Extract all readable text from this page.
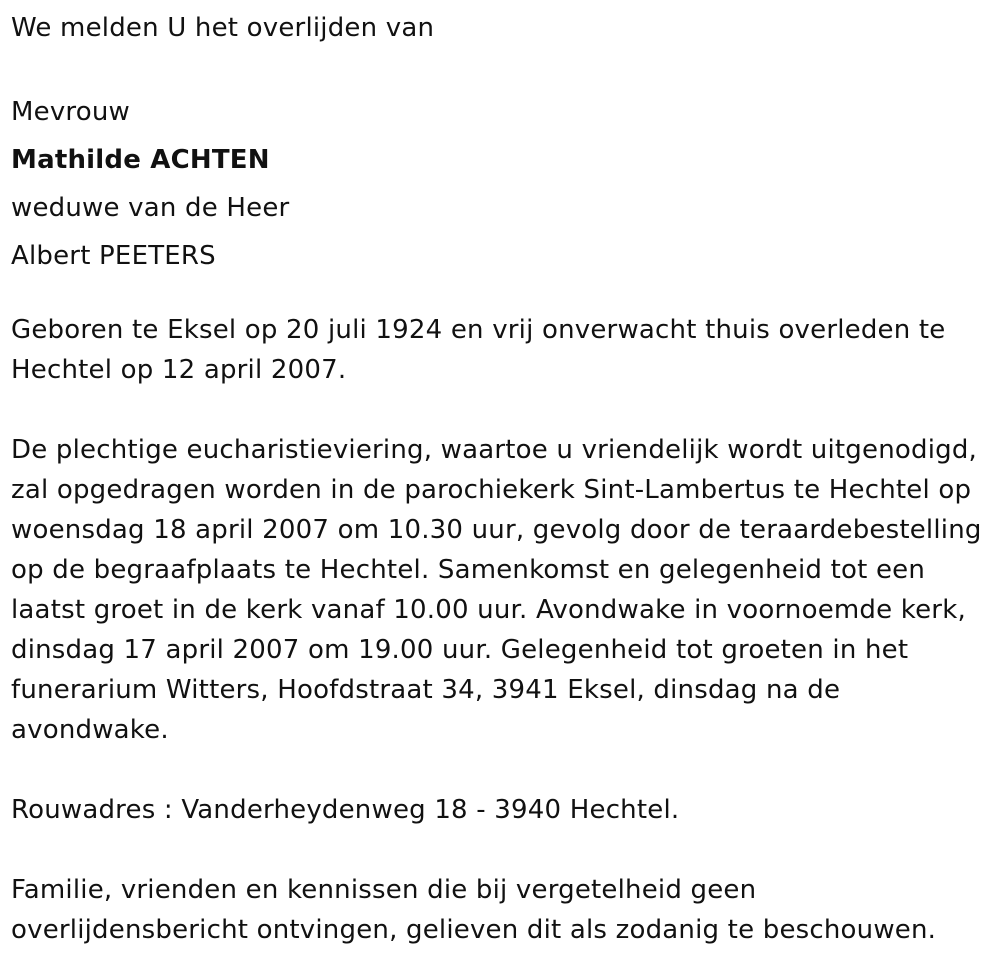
We melden U het overlijden van

Mevrouw

Mathilde ACHTEN

weduwe van de Heer

Albert PEETERS

Geboren te Eksel op 20 juli 1924 en vrij onverwacht thuis overleden te

Hechtel op 12 april 2007.

De plechtige eucharistieviering, waartoe u vriendelijk wordt uitgenodigd,

zal opgedragen worden in de parochiekerk Sint-Lambertus te Hechtel op

woensdag 18 april 2007 om 10.30 uur, gevolg door de teraardebestelling

op de begraafplaats te Hechtel. Samenkomst en gelegenheid tot een

laatst groet in de kerk vanaf 10.00 uur. Avondwake in voornoemde kerk,

dinsdag 17 april 2007 om 19.00 uur. Gelegenheid tot groeten in het

funerarium Witters, Hoofdstraat 34, 3941 Eksel, dinsdag na de

avondwake.

Rouwadres : Vanderheydenweg 18 - 3940 Hechtel.

Familie, vrienden en kennissen die bij vergetelheid geen

overlijdensbericht ontvingen, gelieven dit als zodanig te beschouwen.
